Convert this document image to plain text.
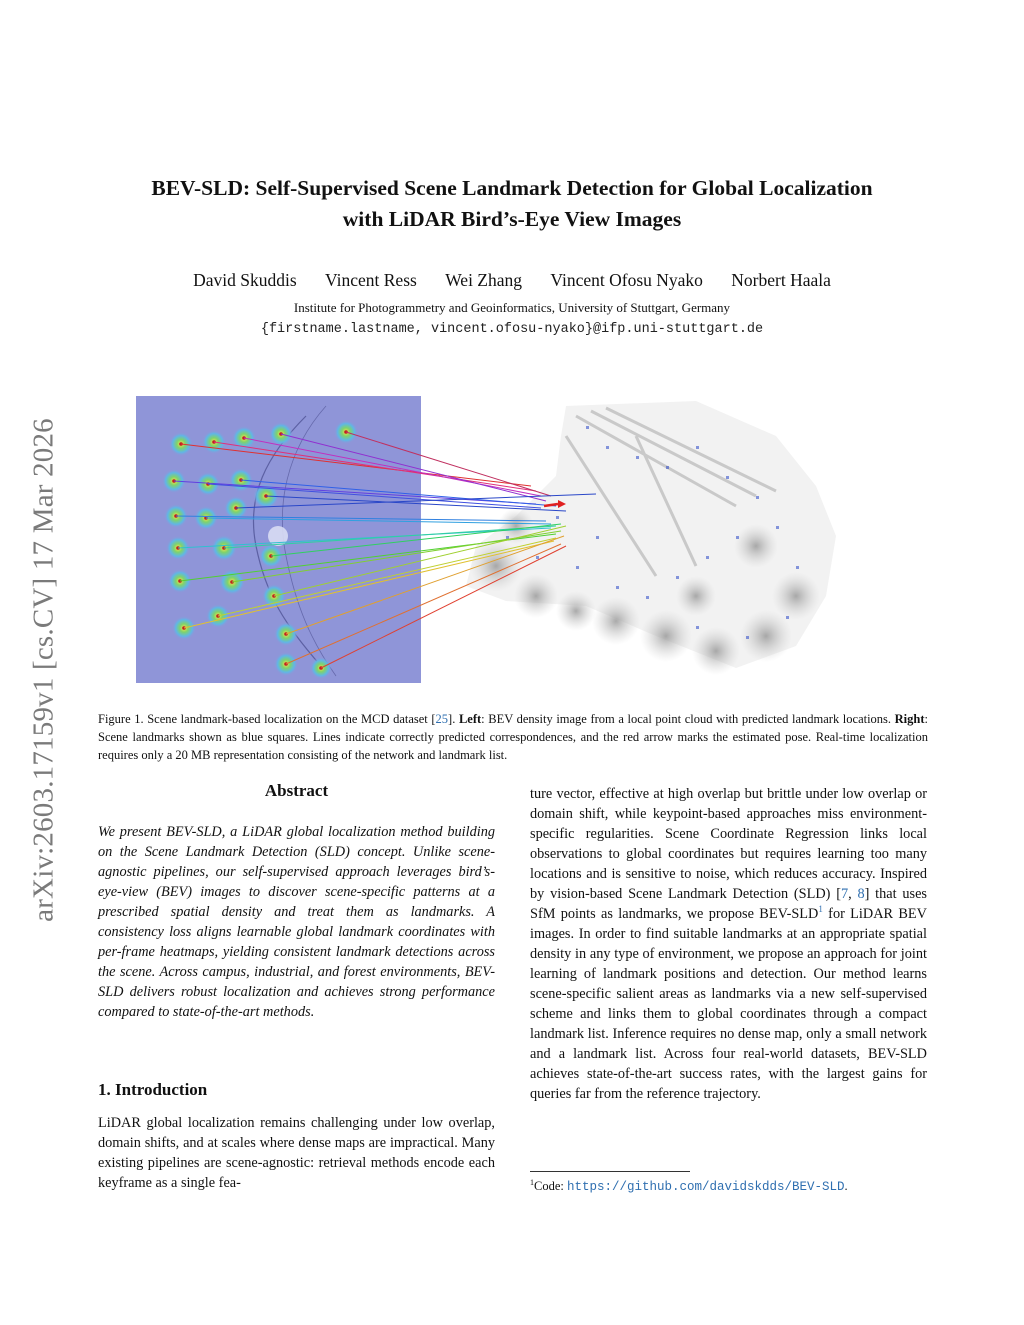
BEV-SLD: Self-Supervised Scene Landmark Detection for Global Localization
with LiDAR Bird’s-Eye View Images
David Skuddis Vincent Ress Wei Zhang Vincent Ofosu Nyako Norbert Haala
Institute for Photogrammetry and Geoinformatics, University of Stuttgart, Germany
{firstname.lastname, vincent.ofosu-nyako}@ifp.uni-stuttgart.de
arXiv:2603.17159v1 [cs.CV] 17 Mar 2026	Figure 1. Scene landmark-based localization on the MCD dataset [25]. Left: BEV density image from a local point cloud with predicted landmark locations. Right: Scene landmarks shown as blue squares. Lines indicate correctly predicted correspondences, and the red arrow marks the estimated pose. Real-time localization requires only a 20 MB representation consisting of the network and landmark list.
Abstract
We present BEV-SLD, a LiDAR global localization method building on the Scene Landmark Detection (SLD) concept. Unlike scene-agnostic pipelines, our self-supervised approach leverages bird’s-eye-view (BEV) images to discover scene-specific patterns at a prescribed spatial density and treat them as landmarks. A consistency loss aligns learnable global landmark coordinates with per-frame heatmaps, yielding consistent landmark detections across the scene. Across campus, industrial, and forest environments, BEV-SLD delivers robust localization and achieves strong performance compared to state-of-the-art methods.
1. Introduction
LiDAR global localization remains challenging under low overlap, domain shifts, and at scales where dense maps are impractical. Many existing pipelines are scene-agnostic: retrieval methods encode each keyframe as a single fea-
ture vector, effective at high overlap but brittle under low overlap or domain shift, while keypoint-based approaches miss environment-specific regularities. Scene Coordinate Regression links local observations to global coordinates but requires learning too many locations and is sensitive to noise, which reduces accuracy. Inspired by vision-based Scene Landmark Detection (SLD) [7, 8] that uses SfM points as landmarks, we propose BEV-SLD$^1$ for LiDAR BEV images. In order to find suitable landmarks at an appropriate spatial density in any type of environment, we propose an approach for joint learning of landmark positions and detection. Our method learns scene-specific salient areas as landmarks via a new self-supervised scheme and links them to global coordinates through a compact landmark list. Inference requires no dense map, only a small network and a landmark list. Across four real-world datasets, BEV-SLD achieves state-of-the-art success rates, with the largest gains for queries far from the reference trajectory.
$^1$Code: https://github.com/davidskdds/BEV-SLD.
